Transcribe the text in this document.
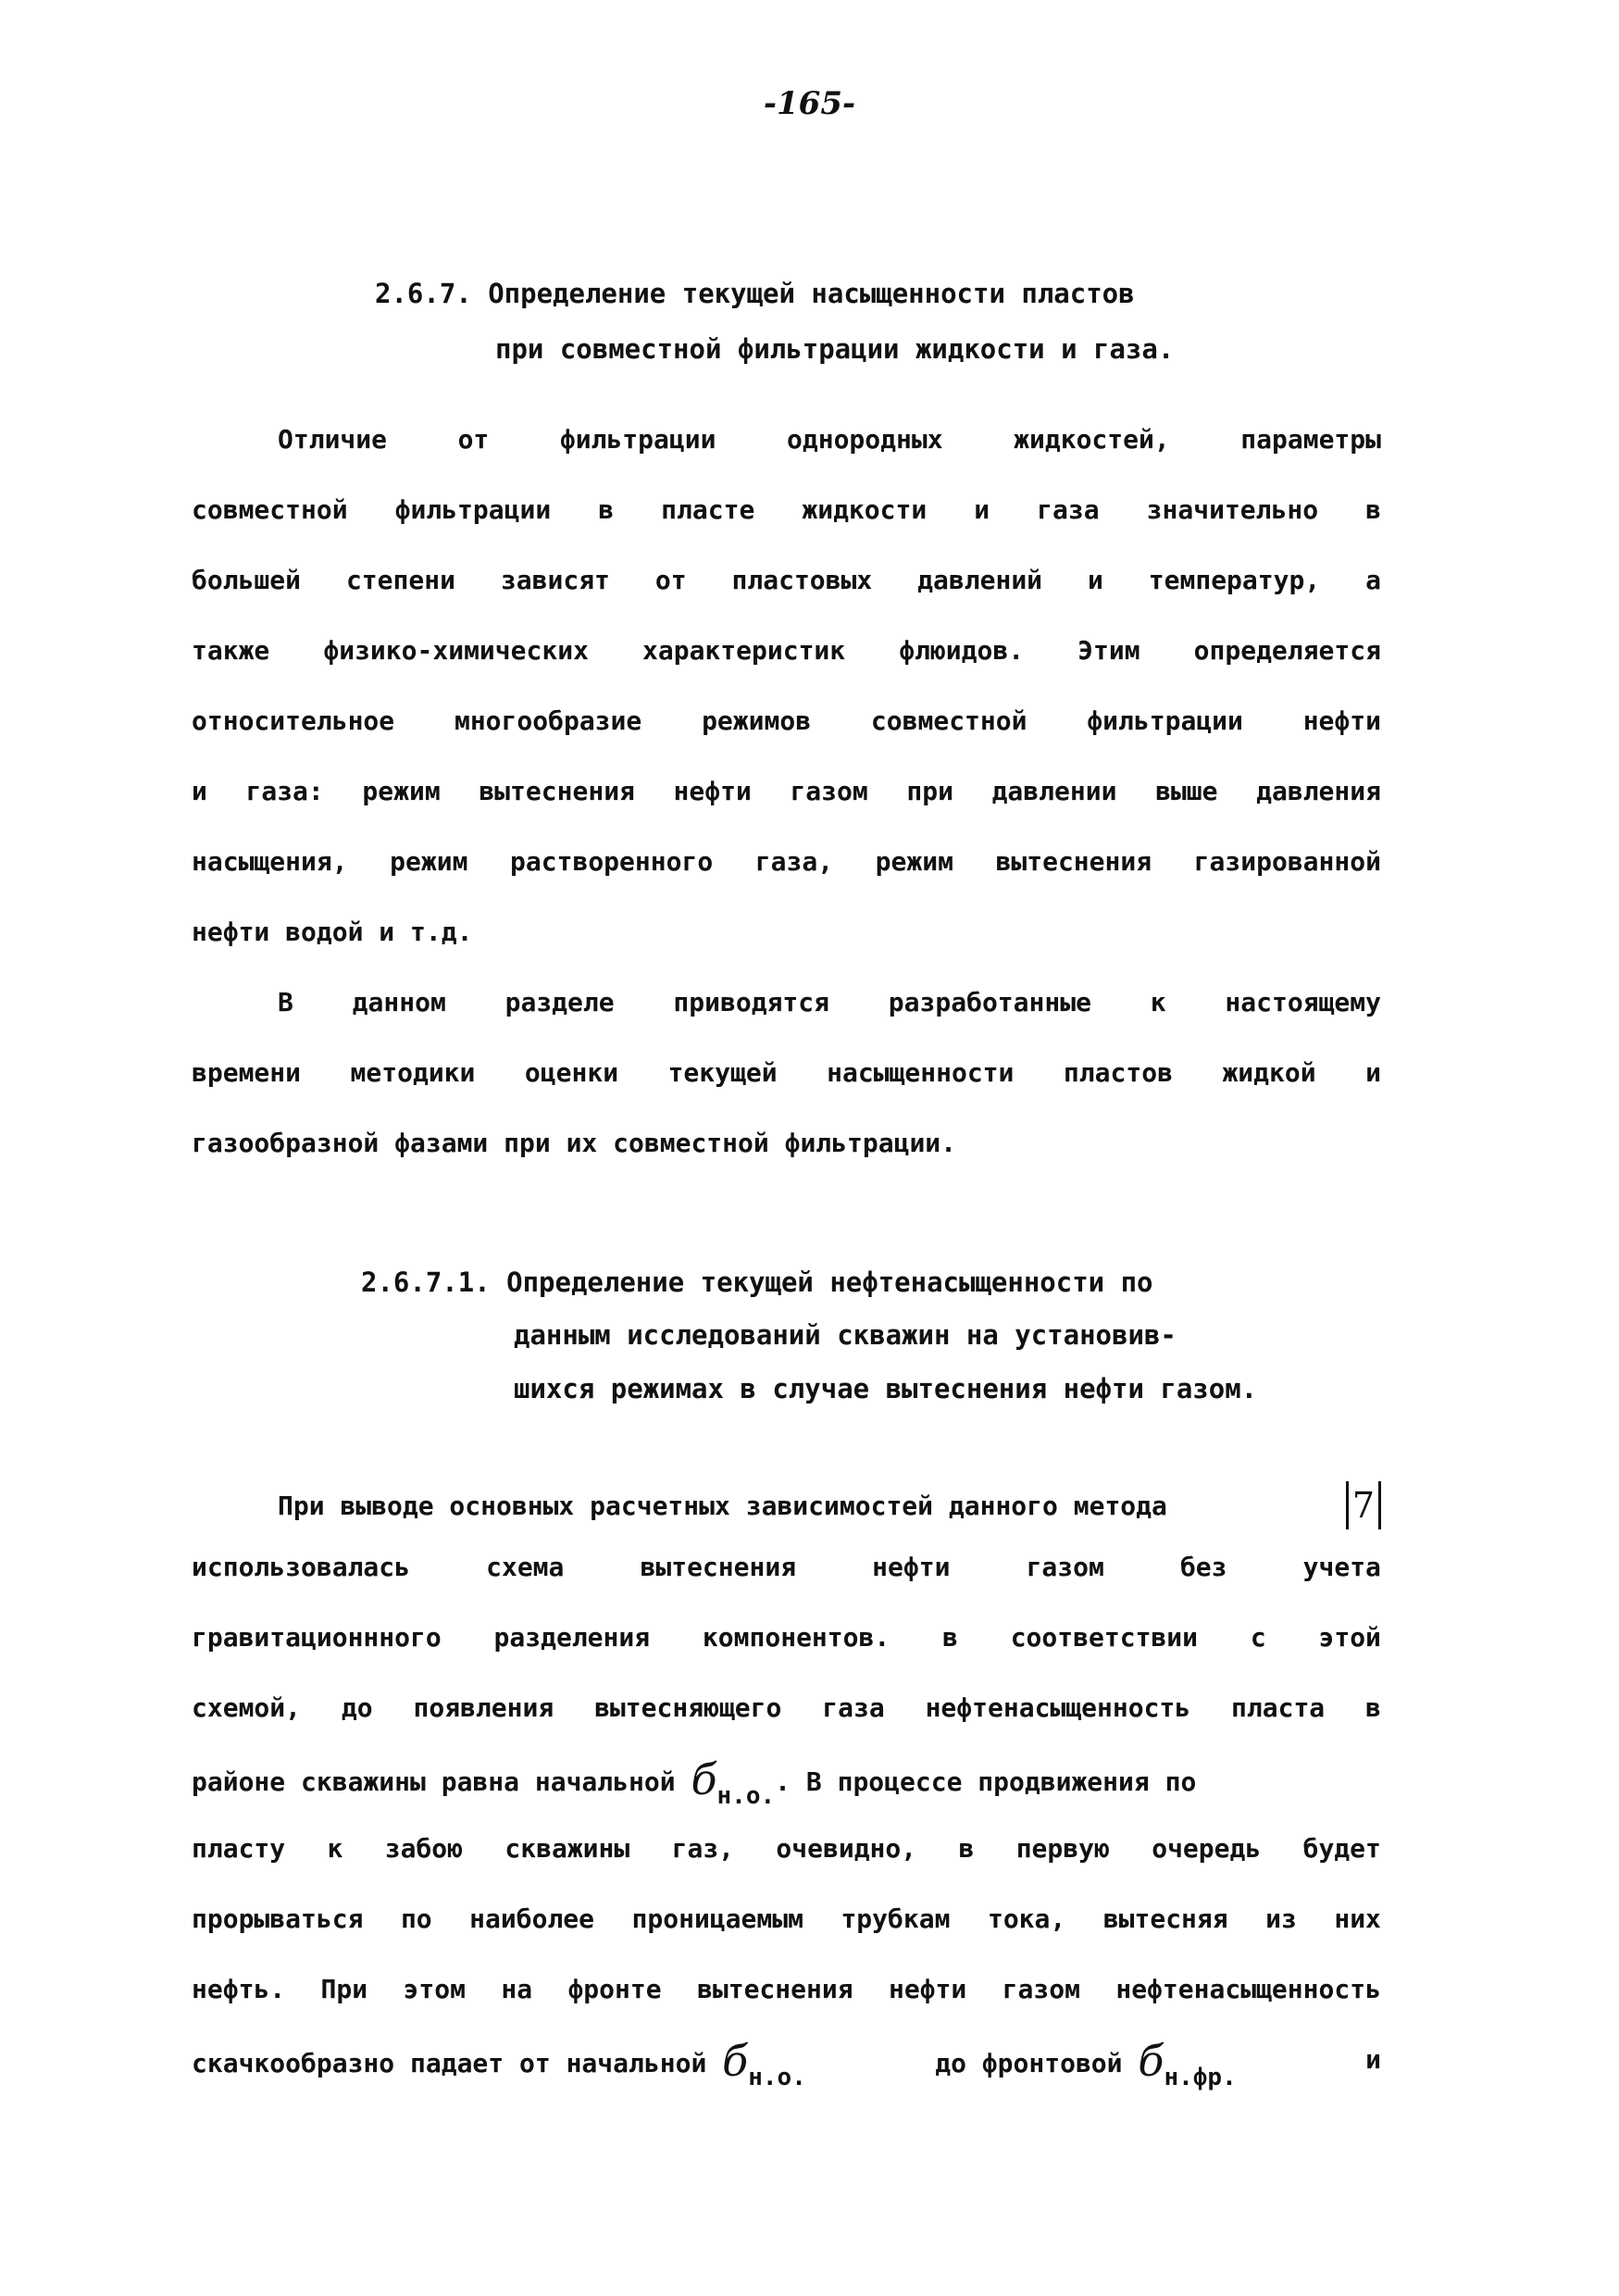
-165-
2.6.7. Определение текущей насыщенности пластов
при совместной фильтрации жидкости и газа.
Отличие	от	фильтрации	однородных	жидкостей,	параметры
совместной фильтрации в пласте жидкости и газа значительно в
большей степени зависят от пластовых давлений и температур, а
также физико-химических характеристик флюидов. Этим определяется
относительное многообразие режимов совместной фильтрации нефти
и газа: режим вытеснения нефти газом при давлении выше давления
насыщения, режим растворенного газа, режим вытеснения газированной
нефти водой и т.д.
В данном разделе приводятся разработанные к настоящему
времени методики оценки текущей насыщенности пластов жидкой и
газообразной фазами при их совместной фильтрации.
2.6.7.1. Определение текущей нефтенасыщенности по
данным исследований скважин на установив-
шихся режимах в случае вытеснения нефти газом.
При выводе основных расчетных зависимостей данного метода	7
использовалась	схема	вытеснения	нефти	газом	без	учета
гравитационнного разделения компонентов. в соответствии с этой
схемой, до появления вытесняющего газа нефтенасыщенность пласта в
районе скважины равна начальной бн.о.. В процессе продвижения по
пласту к забою скважины газ, очевидно, в первую очередь будет
прорываться по наиболее проницаемым трубкам тока, вытесняя из них
нефть. При этом на фронте вытеснения нефти газом нефтенасыщенность
скачкообразно падает от начальной бн.о.	до фронтовой бн.фр.
и
